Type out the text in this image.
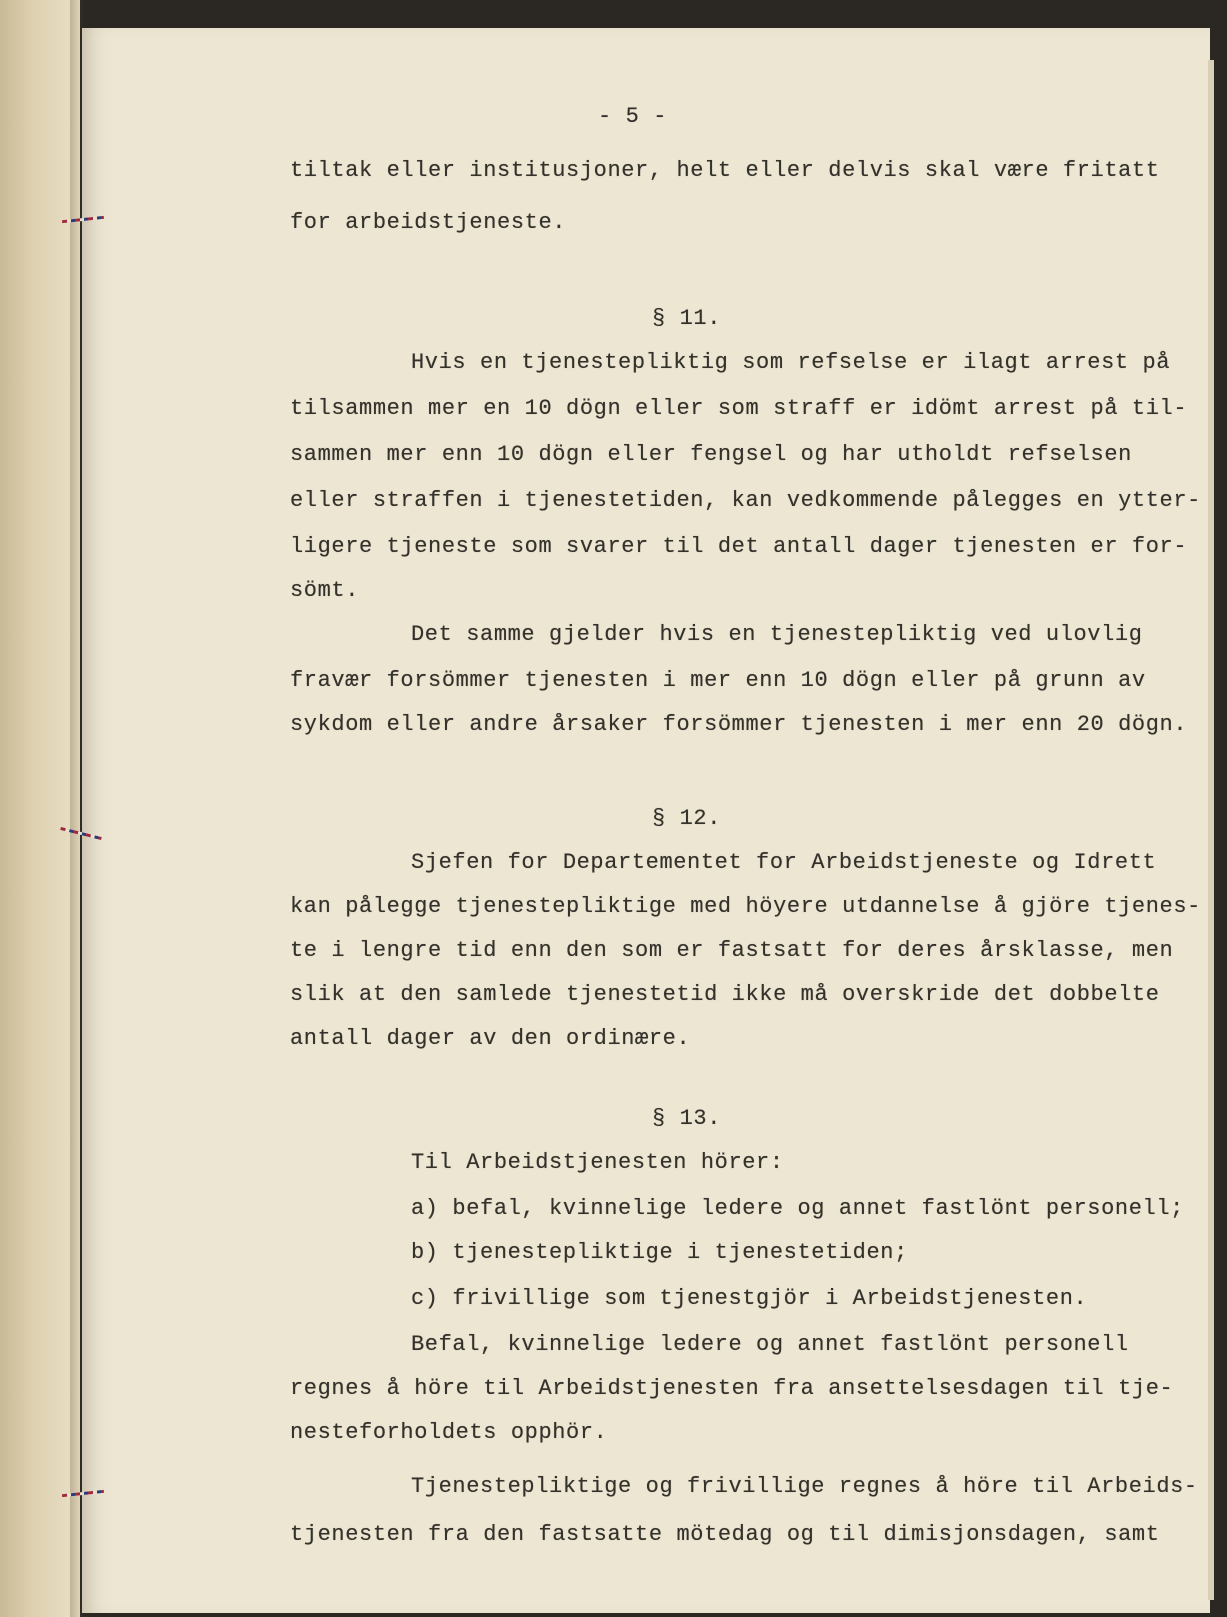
- 5 -
tiltak eller institusjoner, helt eller delvis skal være fritatt
for arbeidstjeneste.
§ 11.
Hvis en tjenestepliktig som refselse er ilagt arrest på
tilsammen mer en 10 dögn eller som straff er idömt arrest på til-
sammen mer enn 10 dögn eller fengsel og har utholdt refselsen
eller straffen i tjenestetiden, kan vedkommende pålegges en ytter-
ligere tjeneste som svarer til det antall dager tjenesten er for-
sömt.
Det samme gjelder hvis en tjenestepliktig ved ulovlig
fravær forsömmer tjenesten i mer enn 10 dögn eller på grunn av
sykdom eller andre årsaker forsömmer tjenesten i mer enn 20 dögn.
§ 12.
Sjefen for Departementet for Arbeidstjeneste og Idrett
kan pålegge tjenestepliktige med höyere utdannelse å gjöre tjenes-
te i lengre tid enn den som er fastsatt for deres årsklasse, men
slik at den samlede tjenestetid ikke må overskride det dobbelte
antall dager av den ordinære.
§ 13.
Til Arbeidstjenesten hörer:
a) befal, kvinnelige ledere og annet fastlönt personell;
b) tjenestepliktige i tjenestetiden;
c) frivillige som tjenestgjör i Arbeidstjenesten.
Befal, kvinnelige ledere og annet fastlönt personell
regnes å höre til Arbeidstjenesten fra ansettelsesdagen til tje-
nesteforholdets opphör.
Tjenestepliktige og frivillige regnes å höre til Arbeids-
tjenesten fra den fastsatte mötedag og til dimisjonsdagen, samt
